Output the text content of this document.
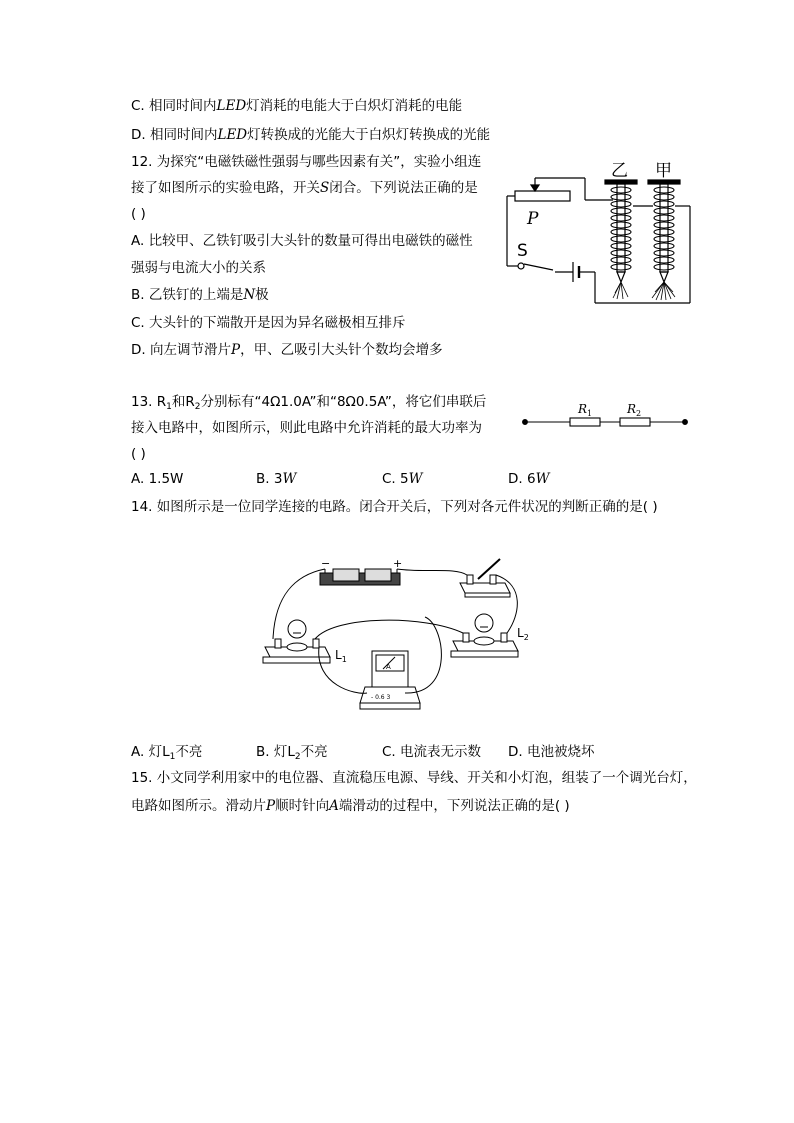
C. 相同时间内LED灯消耗的电能大于白炽灯消耗的电能
D. 相同时间内LED灯转换成的光能大于白炽灯转换成的光能
12. 为探究“电磁铁磁性强弱与哪些因素有关”，实验小组连
接了如图所示的实验电路，开关S闭合。下列说法正确的是
( )
A. 比较甲、乙铁钉吸引大头针的数量可得出电磁铁的磁性
强弱与电流大小的关系
B. 乙铁钉的上端是N极
C. 大头针的下端散开是因为异名磁极相互排斥
D. 向左调节滑片P，甲、乙吸引大头针个数均会增多
乙 甲
P
S
13. $R_1$和$R_2$分别标有“4Ω1.0A”和“8Ω0.5A”，将它们串联后
接入电路中，如图所示，则此电路中允许消耗的最大功率为
( )
A. 1.5W	B. 3W	C. 5W	D. 6W
$R_1$	$R_2$
14. 如图所示是一位同学连接的电路。闭合开关后，下列对各元件状况的判断正确的是( )
−	+
A
- 0.6 3
$L_1$
$L_2$
A. 灯$L_1$不亮	B. 灯$L_2$不亮	C. 电流表无示数 D. 电池被烧坏
15. 小文同学利用家中的电位器、直流稳压电源、导线、开关和小灯泡，组装了一个调光台灯，
电路如图所示。滑动片P顺时针向A端滑动的过程中，下列说法正确的是( )
